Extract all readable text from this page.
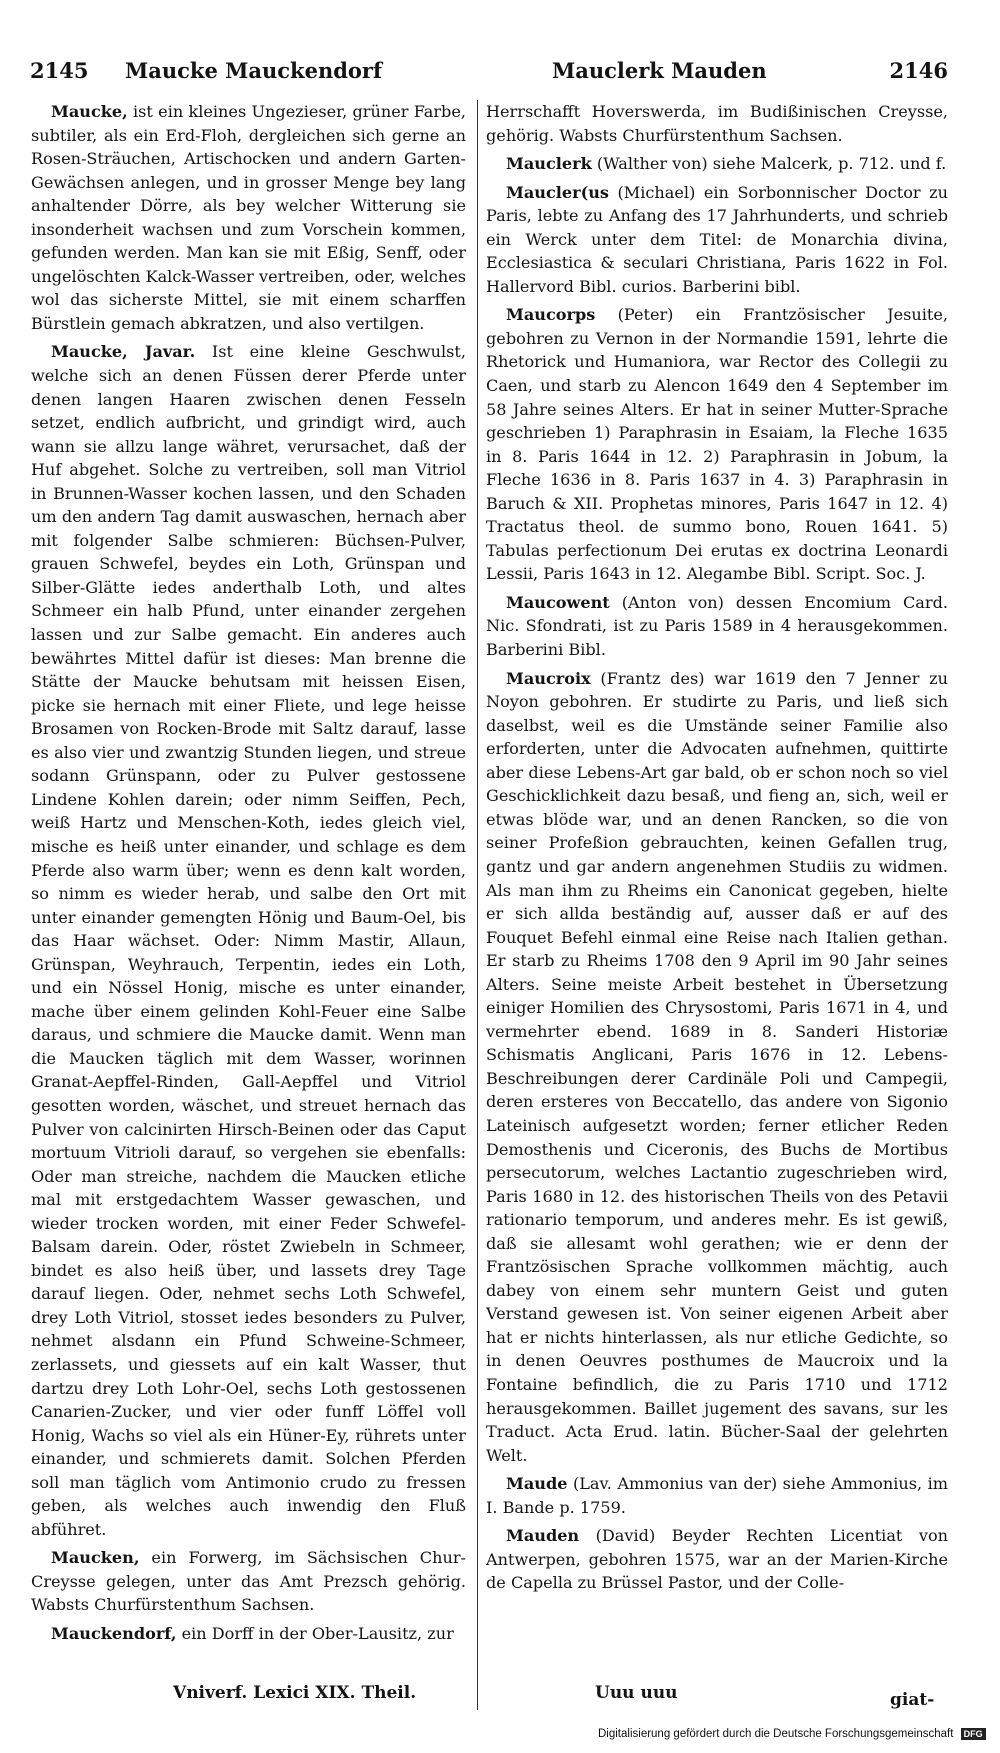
2145 Maucke Mauckendorf	Mauclerk Mauden	2146

Maucke, ist ein kleines Ungezieser, grüner Farbe, subtiler, als ein Erd-Floh, dergleichen sich gerne an Rosen-Sträuchen, Artischocken und andern Garten-Gewächsen anlegen, und in grosser Menge bey lang anhaltender Dörre, als bey welcher Witterung sie insonderheit wachsen und zum Vorschein kommen, gefunden werden. Man kan sie mit Eßig, Senff, oder ungelöschten Kalck-Wasser vertreiben, oder, welches wol das sicherste Mittel, sie mit einem scharffen Bürstlein gemach abkratzen, und also vertilgen.

Maucke, Javar. Ist eine kleine Geschwulst, welche sich an denen Füssen derer Pferde unter denen langen Haaren zwischen denen Fesseln setzet, endlich aufbricht, und grindigt wird, auch wann sie allzu lange währet, verursachet, daß der Huf abgehet. Solche zu vertreiben, soll man Vitriol in Brunnen-Wasser kochen lassen, und den Schaden um den andern Tag damit auswaschen, hernach aber mit folgender Salbe schmieren: Büchsen-Pulver, grauen Schwefel, beydes ein Loth, Grünspan und Silber-Glätte iedes anderthalb Loth, und altes Schmeer ein halb Pfund, unter einander zergehen lassen und zur Salbe gemacht. Ein anderes auch bewährtes Mittel dafür ist dieses: Man brenne die Stätte der Maucke behutsam mit heissen Eisen, picke sie hernach mit einer Fliete, und lege heisse Brosamen von Rocken-Brode mit Saltz darauf, lasse es also vier und zwantzig Stunden liegen, und streue sodann Grünspann, oder zu Pulver gestossene Lindene Kohlen darein; oder nimm Seiffen, Pech, weiß Hartz und Menschen-Koth, iedes gleich viel, mische es heiß unter einander, und schlage es dem Pferde also warm über; wenn es denn kalt worden, so nimm es wieder herab, und salbe den Ort mit unter einander gemengten Hönig und Baum-Oel, bis das Haar wächset. Oder: Nimm Mastir, Allaun, Grünspan, Weyhrauch, Terpentin, iedes ein Loth, und ein Nössel Honig, mische es unter einander, mache über einem gelinden Kohl-Feuer eine Salbe daraus, und schmiere die Maucke damit. Wenn man die Maucken täglich mit dem Wasser, worinnen Granat-Aepffel-Rinden, Gall-Aepffel und Vitriol gesotten worden, wäschet, und streuet hernach das Pulver von calcinirten Hirsch-Beinen oder das Caput mortuum Vitrioli darauf, so vergehen sie ebenfalls: Oder man streiche, nachdem die Maucken etliche mal mit erstgedachtem Wasser gewaschen, und wieder trocken worden, mit einer Feder Schwefel-Balsam darein. Oder, röstet Zwiebeln in Schmeer, bindet es also heiß über, und lassets drey Tage darauf liegen. Oder, nehmet sechs Loth Schwefel, drey Loth Vitriol, stosset iedes besonders zu Pulver, nehmet alsdann ein Pfund Schweine-Schmeer, zerlassets, und giessets auf ein kalt Wasser, thut dartzu drey Loth Lohr-Oel, sechs Loth gestossenen Canarien-Zucker, und vier oder funff Löffel voll Honig, Wachs so viel als ein Hüner-Ey, rührets unter einander, und schmierets damit. Solchen Pferden soll man täglich vom Antimonio crudo zu fressen geben, als welches auch inwendig den Fluß abführet.

Maucken, ein Forwerg, im Sächsischen Chur-Creysse gelegen, unter das Amt Prezsch gehörig. Wabsts Churfürstenthum Sachsen.

Mauckendorf, ein Dorff in der Ober-Lausitz, zur

Herrschafft Hoverswerda, im Budißinischen Creysse, gehörig. Wabsts Churfürstenthum Sachsen.

Mauclerk (Walther von) siehe Malcerk, p. 712. und f.

Maucler(us (Michael) ein Sorbonnischer Doctor zu Paris, lebte zu Anfang des 17 Jahrhunderts, und schrieb ein Werck unter dem Titel: de Monarchia divina, Ecclesiastica & seculari Christiana, Paris 1622 in Fol. Hallervord Bibl. curios. Barberini bibl.

Maucorps (Peter) ein Frantzösischer Jesuite, gebohren zu Vernon in der Normandie 1591, lehrte die Rhetorick und Humaniora, war Rector des Collegii zu Caen, und starb zu Alencon 1649 den 4 September im 58 Jahre seines Alters. Er hat in seiner Mutter-Sprache geschrieben 1) Paraphrasin in Esaiam, la Fleche 1635 in 8. Paris 1644 in 12. 2) Paraphrasin in Jobum, la Fleche 1636 in 8. Paris 1637 in 4. 3) Paraphrasin in Baruch & XII. Prophetas minores, Paris 1647 in 12. 4) Tractatus theol. de summo bono, Rouen 1641. 5) Tabulas perfectionum Dei erutas ex doctrina Leonardi Lessii, Paris 1643 in 12. Alegambe Bibl. Script. Soc. J.

Maucowent (Anton von) dessen Encomium Card. Nic. Sfondrati, ist zu Paris 1589 in 4 herausgekommen. Barberini Bibl.

Maucroix (Frantz des) war 1619 den 7 Jenner zu Noyon gebohren. Er studirte zu Paris, und ließ sich daselbst, weil es die Umstände seiner Familie also erforderten, unter die Advocaten aufnehmen, quittirte aber diese Lebens-Art gar bald, ob er schon noch so viel Geschicklichkeit dazu besaß, und fieng an, sich, weil er etwas blöde war, und an denen Rancken, so die von seiner Profeßion gebrauchten, keinen Gefallen trug, gantz und gar andern angenehmen Studiis zu widmen. Als man ihm zu Rheims ein Canonicat gegeben, hielte er sich allda beständig auf, ausser daß er auf des Fouquet Befehl einmal eine Reise nach Italien gethan. Er starb zu Rheims 1708 den 9 April im 90 Jahr seines Alters. Seine meiste Arbeit bestehet in Übersetzung einiger Homilien des Chrysostomi, Paris 1671 in 4, und vermehrter ebend. 1689 in 8. Sanderi Historiæ Schismatis Anglicani, Paris 1676 in 12. Lebens-Beschreibungen derer Cardinäle Poli und Campegii, deren ersteres von Beccatello, das andere von Sigonio Lateinisch aufgesetzt worden; ferner etlicher Reden Demosthenis und Ciceronis, des Buchs de Mortibus persecutorum, welches Lactantio zugeschrieben wird, Paris 1680 in 12. des historischen Theils von des Petavii rationario temporum, und anderes mehr. Es ist gewiß, daß sie allesamt wohl gerathen; wie er denn der Frantzösischen Sprache vollkommen mächtig, auch dabey von einem sehr muntern Geist und guten Verstand gewesen ist. Von seiner eigenen Arbeit aber hat er nichts hinterlassen, als nur etliche Gedichte, so in denen Oeuvres posthumes de Maucroix und la Fontaine befindlich, die zu Paris 1710 und 1712 herausgekommen. Baillet jugement des savans, sur les Traduct. Acta Erud. latin. Bücher-Saal der gelehrten Welt.

Maude (Lav. Ammonius van der) siehe Ammonius, im I. Bande p. 1759.

Mauden (David) Beyder Rechten Licentiat von Antwerpen, gebohren 1575, war an der Marien-Kirche de Capella zu Brüssel Pastor, und der Colle-

Vniverf. Lexici XIX. Theil.	Uuu uuu	giat-
Digitalisierung gefördert durch die Deutsche Forschungsgemeinschaft DFG
